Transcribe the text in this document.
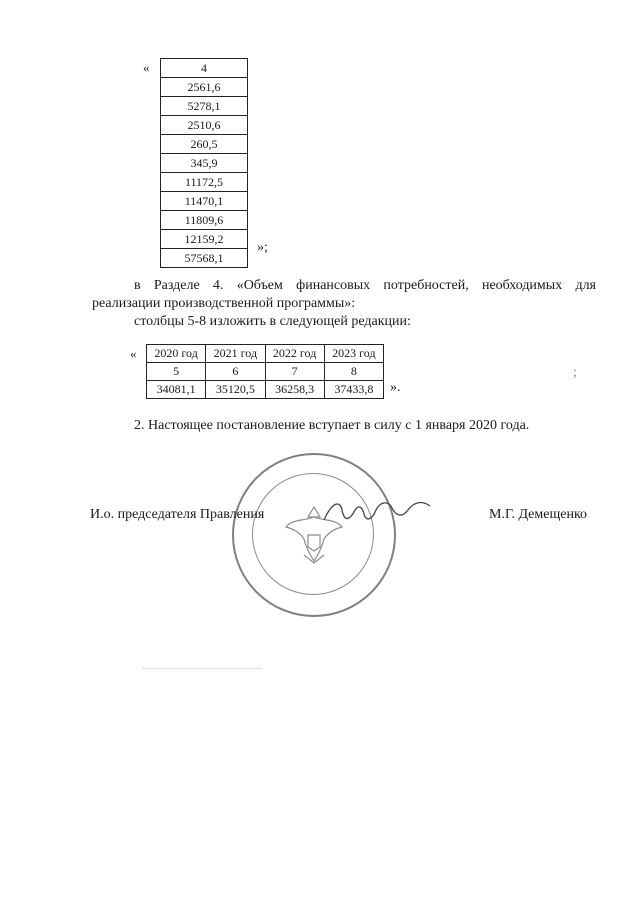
«	4
2561,6
5278,1
2510,6
260,5
345,9
11172,5
11470,1
11809,6
12159,2
57568,1
»;
в Разделе 4. «Объем финансовых потребностей, необходимых для
реализации производственной программы»:
столбцы 5-8 изложить в следующей редакции:
« 2020 год	2021 год	2022 год	2023 год
5	6	7	8
34081,1	35120,5	36258,3	37433,8 ».
;
2. Настоящее постановление вступает в силу с 1 января 2020 года.
И.о. председателя Правления	М.Г. Демещенко
